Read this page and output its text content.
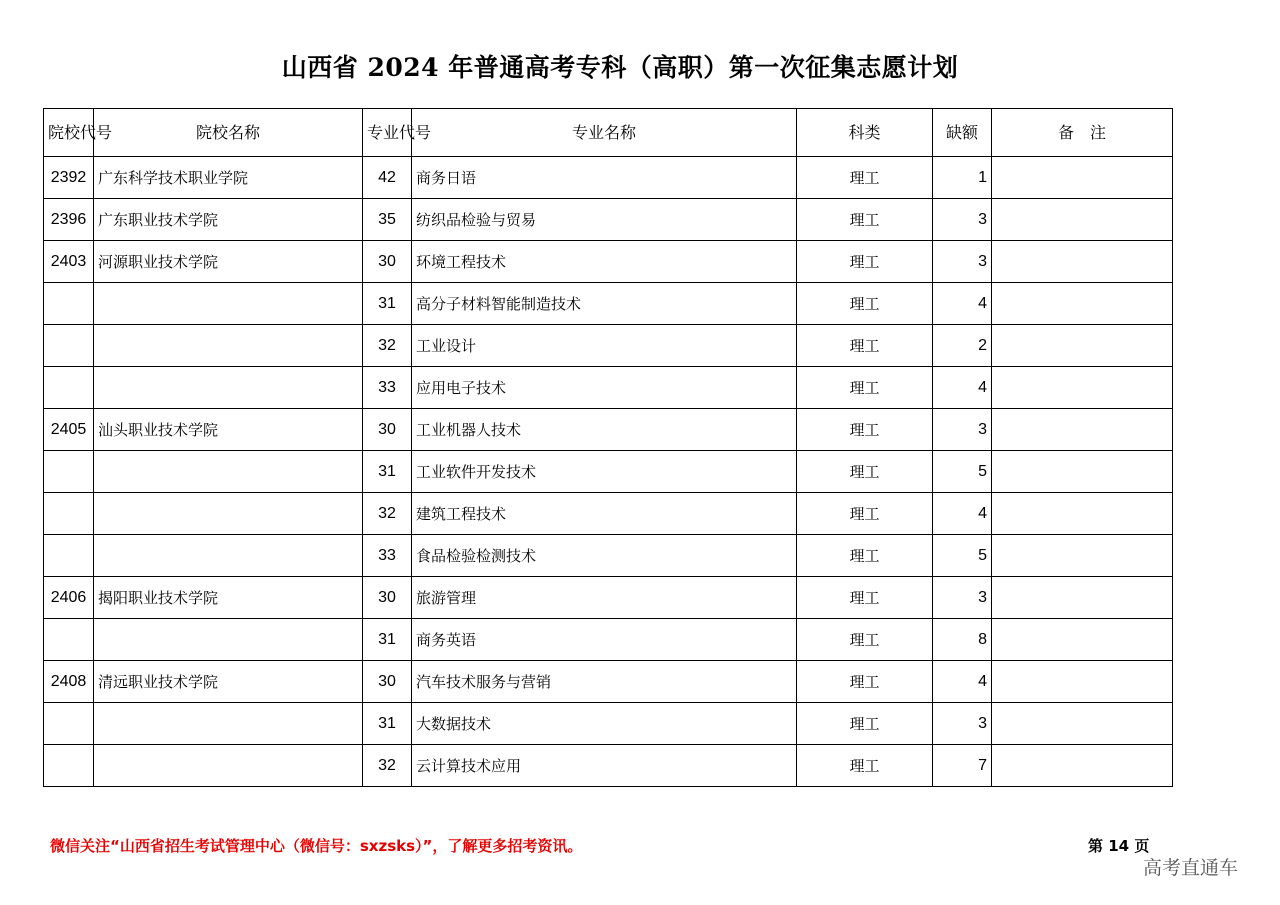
山西省 2024 年普通高考专科（高职）第一次征集志愿计划
院校代号	院校名称	专业代号	专业名称	科类	缺额	备　注
2392	广东科学技术职业学院	42	商务日语	理工	1	
2396	广东职业技术学院	35	纺织品检验与贸易	理工	3	
2403	河源职业技术学院	30	环境工程技术	理工	3	
		31	高分子材料智能制造技术	理工	4	
		32	工业设计	理工	2	
		33	应用电子技术	理工	4	
2405	汕头职业技术学院	30	工业机器人技术	理工	3	
		31	工业软件开发技术	理工	5	
		32	建筑工程技术	理工	4	
		33	食品检验检测技术	理工	5	
2406	揭阳职业技术学院	30	旅游管理	理工	3	
		31	商务英语	理工	8	
2408	清远职业技术学院	30	汽车技术服务与营销	理工	4	
		31	大数据技术	理工	3	
		32	云计算技术应用	理工	7	
微信关注“山西省招生考试管理中心（微信号：sxzsks）”，了解更多招考资讯。	第 14 页
高考直通车
